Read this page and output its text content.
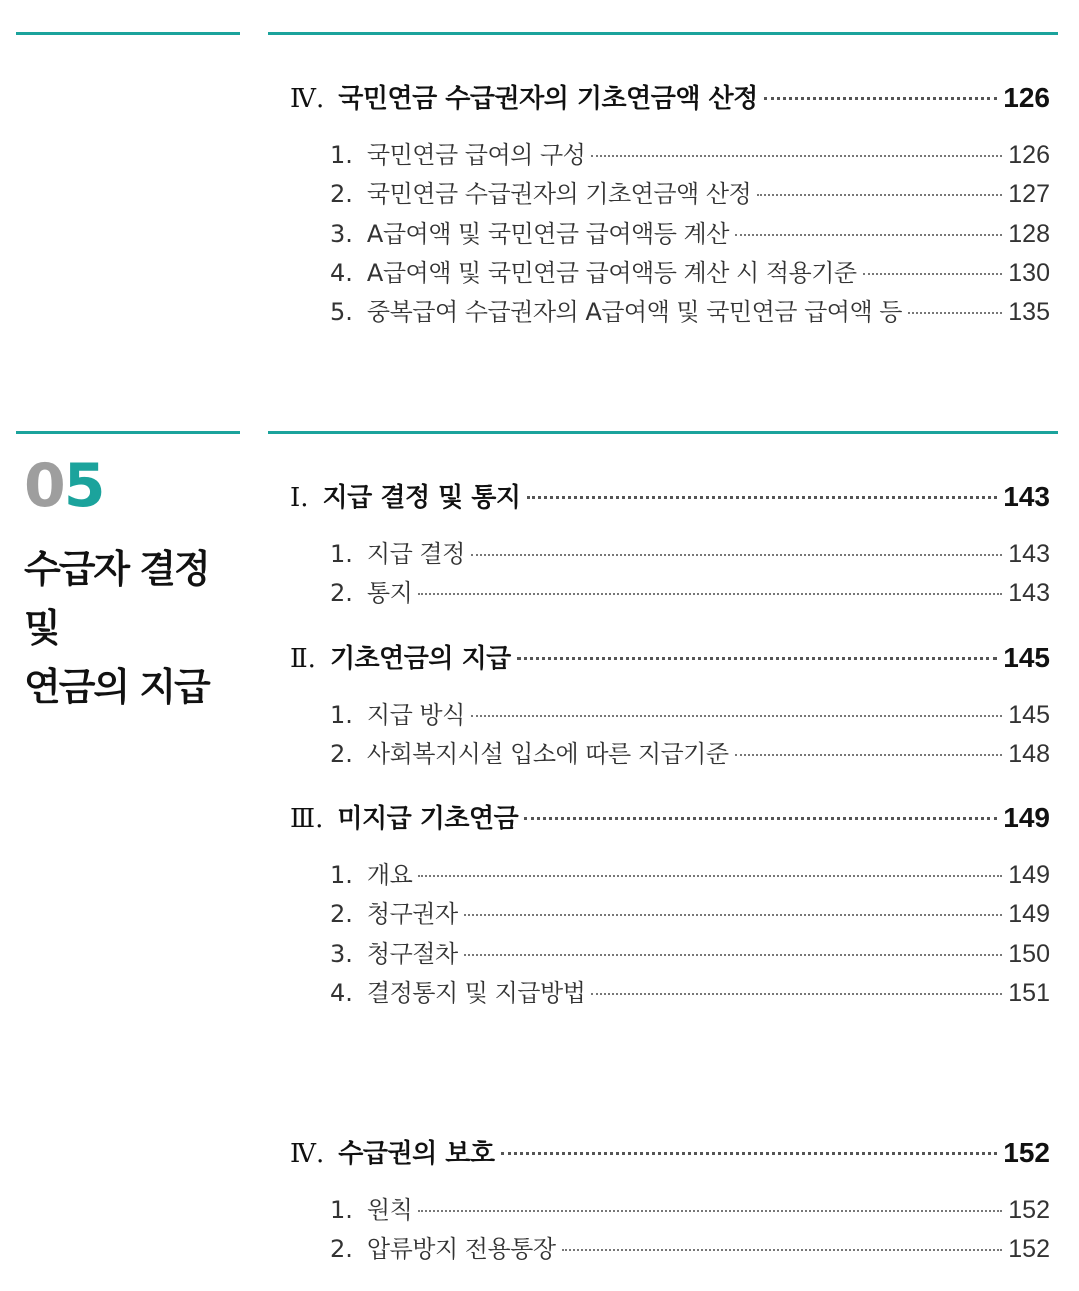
05
수급자 결정
및
연금의 지급
Ⅳ. 국민연금 수급권자의 기초연금액 산정	126
1. 국민연금 급여의 구성	126
2. 국민연금 수급권자의 기초연금액 산정	127
3. A급여액 및 국민연금 급여액등 계산	128
4. A급여액 및 국민연금 급여액등 계산 시 적용기준	130
5. 중복급여 수급권자의 A급여액 및 국민연금 급여액 등	135
Ⅰ. 지급 결정 및 통지	143
1. 지급 결정	143
2. 통지	143
Ⅱ. 기초연금의 지급	145
1. 지급 방식	145
2. 사회복지시설 입소에 따른 지급기준	148
Ⅲ. 미지급 기초연금	149
1. 개요	149
2. 청구권자	149
3. 청구절차	150
4. 결정통지 및 지급방법	151
Ⅳ. 수급권의 보호	152
1. 원칙	152
2. 압류방지 전용통장	152
